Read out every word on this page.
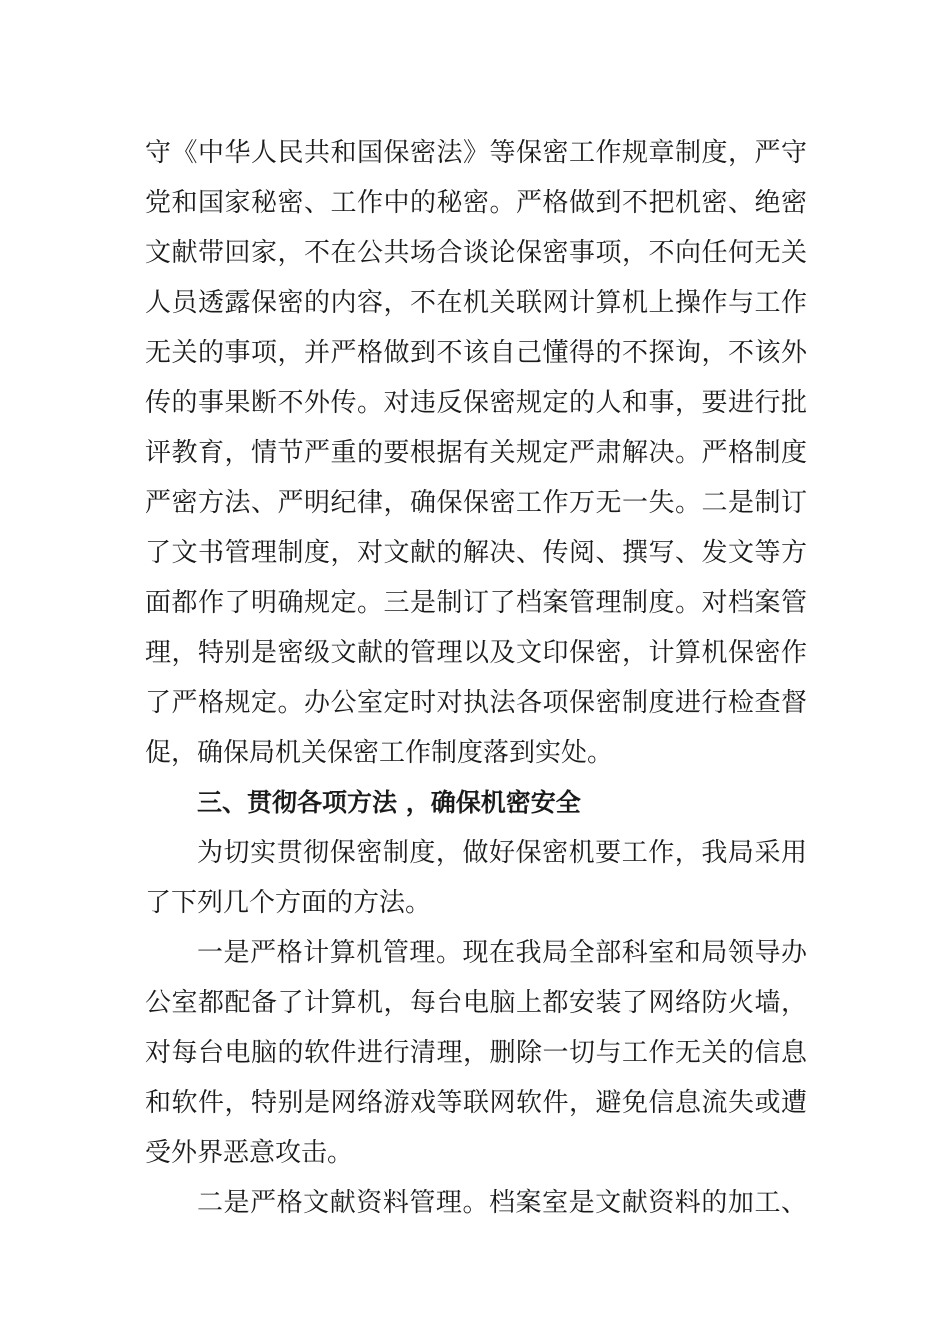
守《中华人民共和国保密法》等保密工作规章制度，严守
党和国家秘密、工作中的秘密。严格做到不把机密、绝密
文献带回家，不在公共场合谈论保密事项，不向任何无关
人员透露保密的内容，不在机关联网计算机上操作与工作
无关的事项，并严格做到不该自己懂得的不探询，不该外
传的事果断不外传。对违反保密规定的人和事，要进行批
评教育，情节严重的要根据有关规定严肃解决。严格制度
严密方法、严明纪律，确保保密工作万无一失。二是制订
了文书管理制度，对文献的解决、传阅、撰写、发文等方
面都作了明确规定。三是制订了档案管理制度。对档案管
理，特别是密级文献的管理以及文印保密，计算机保密作
了严格规定。办公室定时对执法各项保密制度进行检查督
促，确保局机关保密工作制度落到实处。
三、贯彻各项方法 ，确保机密安全
为切实贯彻保密制度，做好保密机要工作，我局采用
了下列几个方面的方法。
一是严格计算机管理。现在我局全部科室和局领导办
公室都配备了计算机，每台电脑上都安装了网络防火墙，
对每台电脑的软件进行清理，删除一切与工作无关的信息
和软件，特别是网络游戏等联网软件，避免信息流失或遭
受外界恶意攻击。
二是严格文献资料管理。档案室是文献资料的加工、
